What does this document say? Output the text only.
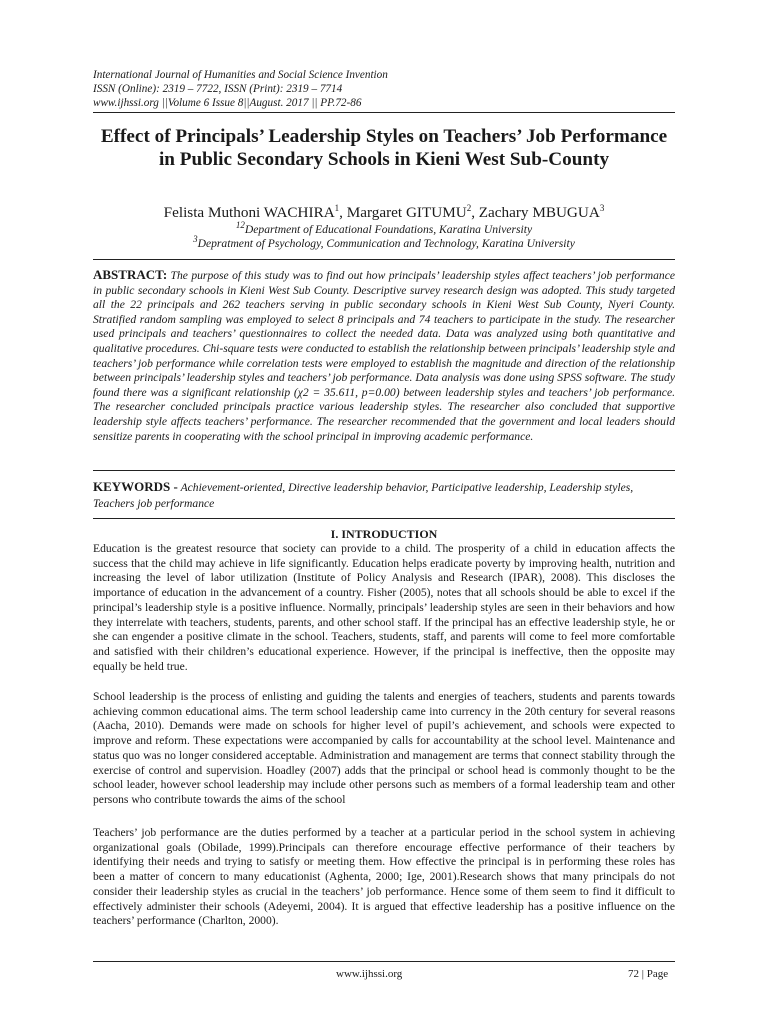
International Journal of Humanities and Social Science Invention
ISSN (Online): 2319 – 7722, ISSN (Print): 2319 – 7714
www.ijhssi.org ||Volume 6 Issue 8||August. 2017 || PP.72-86
Effect of Principals’ Leadership Styles on Teachers’ Job Performance in Public Secondary Schools in Kieni West Sub-County
Felista Muthoni WACHIRA$^1$, Margaret GITUMU$^2$, Zachary MBUGUA$^3$
$^{12}$Department of Educational Foundations, Karatina University
$^3$Depratment of Psychology, Communication and Technology, Karatina University
ABSTRACT: The purpose of this study was to find out how principals’ leadership styles affect teachers’ job performance in public secondary schools in Kieni West Sub County. Descriptive survey research design was adopted. This study targeted all the 22 principals and 262 teachers serving in public secondary schools in Kieni West Sub County, Nyeri County. Stratified random sampling was employed to select 8 principals and 74 teachers to participate in the study. The researcher used principals and teachers’ questionnaires to collect the needed data. Data was analyzed using both quantitative and qualitative procedures. Chi-square tests were conducted to establish the relationship between principals’ leadership style and teachers’ job performance while correlation tests were employed to establish the magnitude and direction of the relationship between principals’ leadership styles and teachers’ job performance. Data analysis was done using SPSS software. The study found there was a significant relationship (χ2 = 35.611, p=0.00) between leadership styles and teachers’ job performance. The researcher concluded principals practice various leadership styles. The researcher also concluded that supportive leadership style affects teachers’ performance. The researcher recommended that the government and local leaders should sensitize parents in cooperating with the school principal in improving academic performance.
KEYWORDS - Achievement-oriented, Directive leadership behavior, Participative leadership, Leadership styles, Teachers job performance
I. INTRODUCTION
Education is the greatest resource that society can provide to a child. The prosperity of a child in education affects the success that the child may achieve in life significantly. Education helps eradicate poverty by improving health, nutrition and increasing the level of labor utilization (Institute of Policy Analysis and Research (IPAR), 2008). This discloses the importance of education in the advancement of a country. Fisher (2005), notes that all schools should be able to excel if the principal’s leadership style is a positive influence. Normally, principals’ leadership styles are seen in their behaviors and how they interrelate with teachers, students, parents, and other school staff. If the principal has an effective leadership style, he or she can engender a positive climate in the school. Teachers, students, staff, and parents will come to feel more comfortable and satisfied with their children’s educational experience. However, if the principal is ineffective, then the opposite may equally be held true.
School leadership is the process of enlisting and guiding the talents and energies of teachers, students and parents towards achieving common educational aims. The term school leadership came into currency in the 20th century for several reasons (Aacha, 2010). Demands were made on schools for higher level of pupil’s achievement, and schools were expected to improve and reform. These expectations were accompanied by calls for accountability at the school level. Maintenance and status quo was no longer considered acceptable. Administration and management are terms that connect stability through the exercise of control and supervision. Hoadley (2007) adds that the principal or school head is commonly thought to be the school leader, however school leadership may include other persons such as members of a formal leadership team and other persons who contribute towards the aims of the school
Teachers’ job performance are the duties performed by a teacher at a particular period in the school system in achieving organizational goals (Obilade, 1999).Principals can therefore encourage effective performance of their teachers by identifying their needs and trying to satisfy or meeting them. How effective the principal is in performing these roles has been a matter of concern to many educationist (Aghenta, 2000; Ige, 2001).Research shows that many principals do not consider their leadership styles as crucial in the teachers’ job performance. Hence some of them seem to find it difficult to effectively administer their schools (Adeyemi, 2004). It is argued that effective leadership has a positive influence on the teachers’ performance (Charlton, 2000).
www.ijhssi.org	72 | Page
